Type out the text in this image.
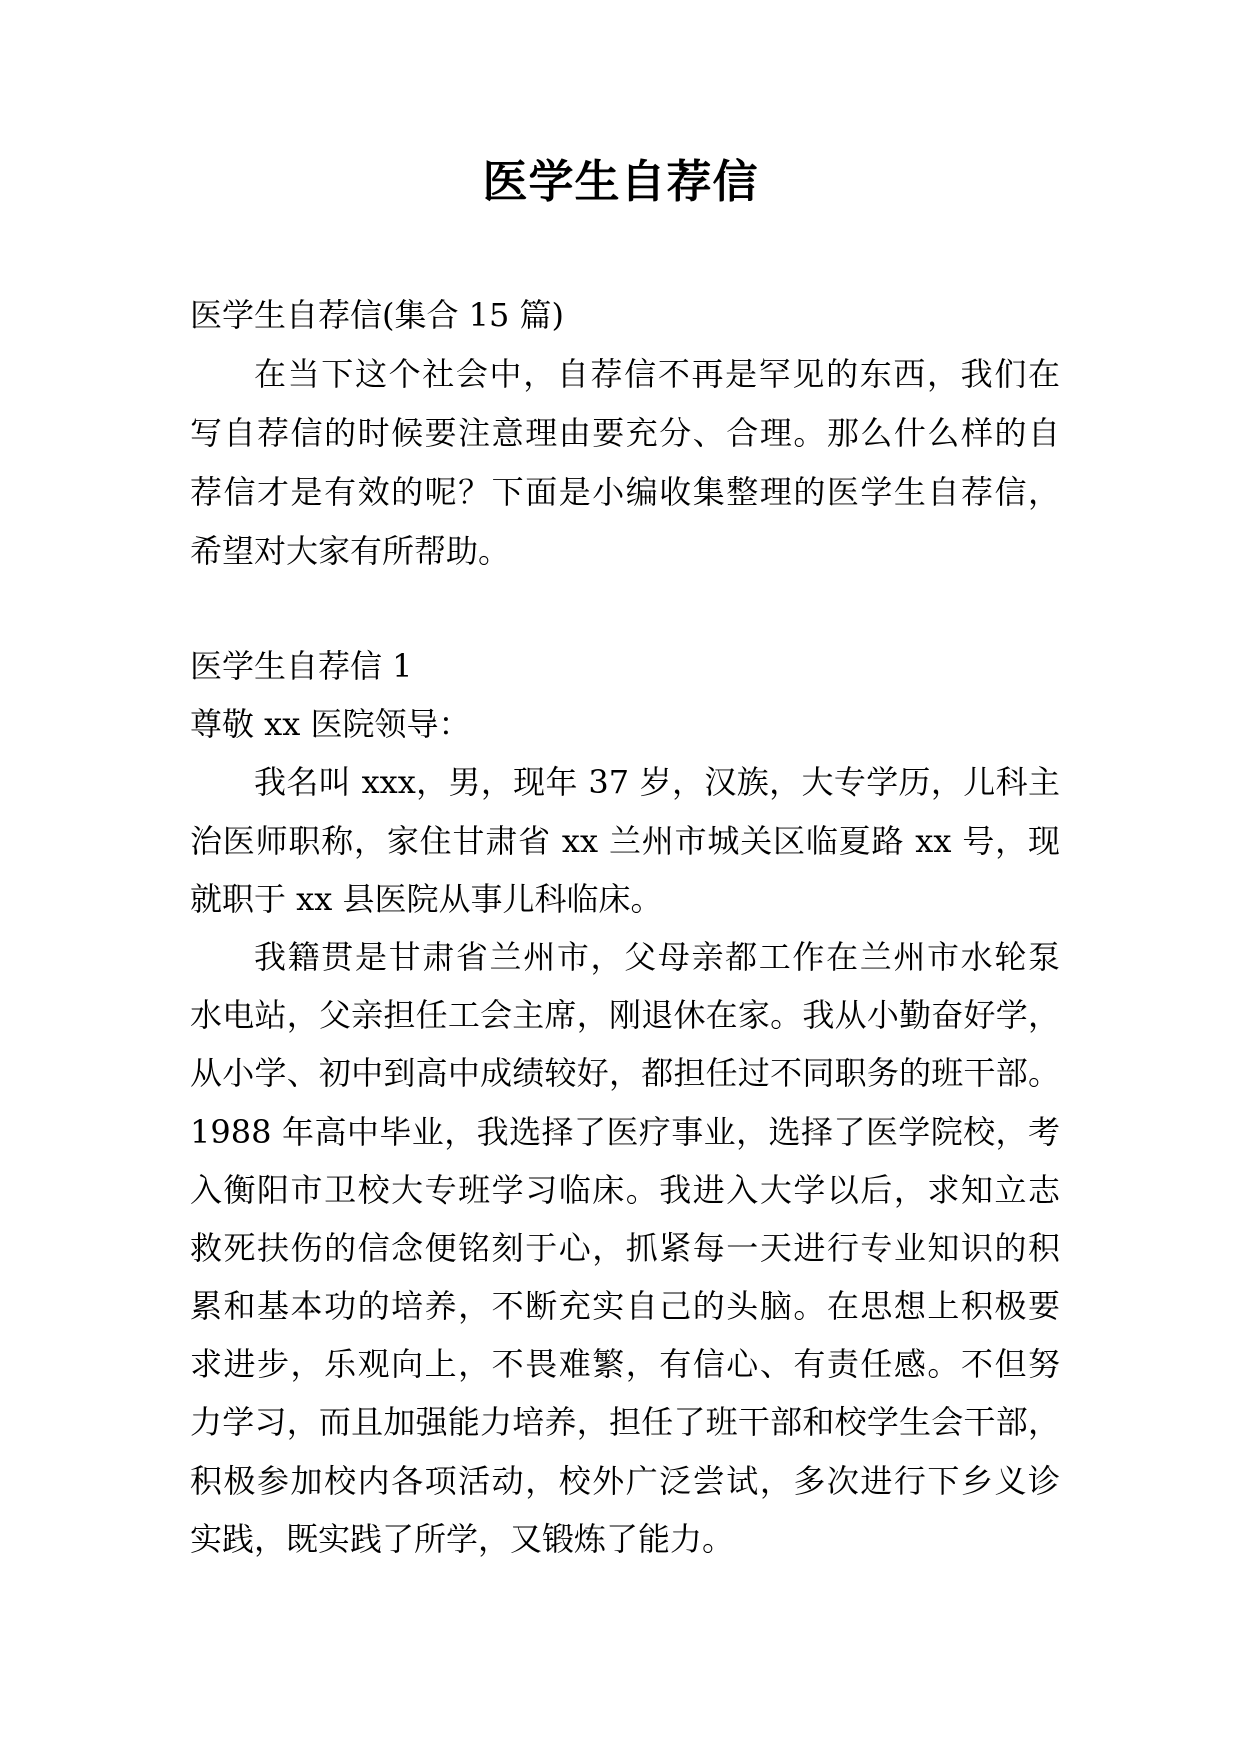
医学生自荐信
医学生自荐信(集合 15 篇)
在当下这个社会中，自荐信不再是罕见的东西，我们在
写自荐信的时候要注意理由要充分、合理。那么什么样的自
荐信才是有效的呢？下面是小编收集整理的医学生自荐信，
希望对大家有所帮助。
医学生自荐信 1
尊敬 xx 医院领导：
我名叫 xxx，男，现年 37 岁，汉族，大专学历，儿科主
治医师职称，家住甘肃省 xx 兰州市城关区临夏路 xx 号，现
就职于 xx 县医院从事儿科临床。
我籍贯是甘肃省兰州市，父母亲都工作在兰州市水轮泵
水电站，父亲担任工会主席，刚退休在家。我从小勤奋好学，
从小学、初中到高中成绩较好，都担任过不同职务的班干部。
1988 年高中毕业，我选择了医疗事业，选择了医学院校，考
入衡阳市卫校大专班学习临床。我进入大学以后，求知立志
救死扶伤的信念便铭刻于心，抓紧每一天进行专业知识的积
累和基本功的培养，不断充实自己的头脑。在思想上积极要
求进步，乐观向上，不畏难繁，有信心、有责任感。不但努
力学习，而且加强能力培养，担任了班干部和校学生会干部，
积极参加校内各项活动，校外广泛尝试，多次进行下乡义诊
实践，既实践了所学，又锻炼了能力。
